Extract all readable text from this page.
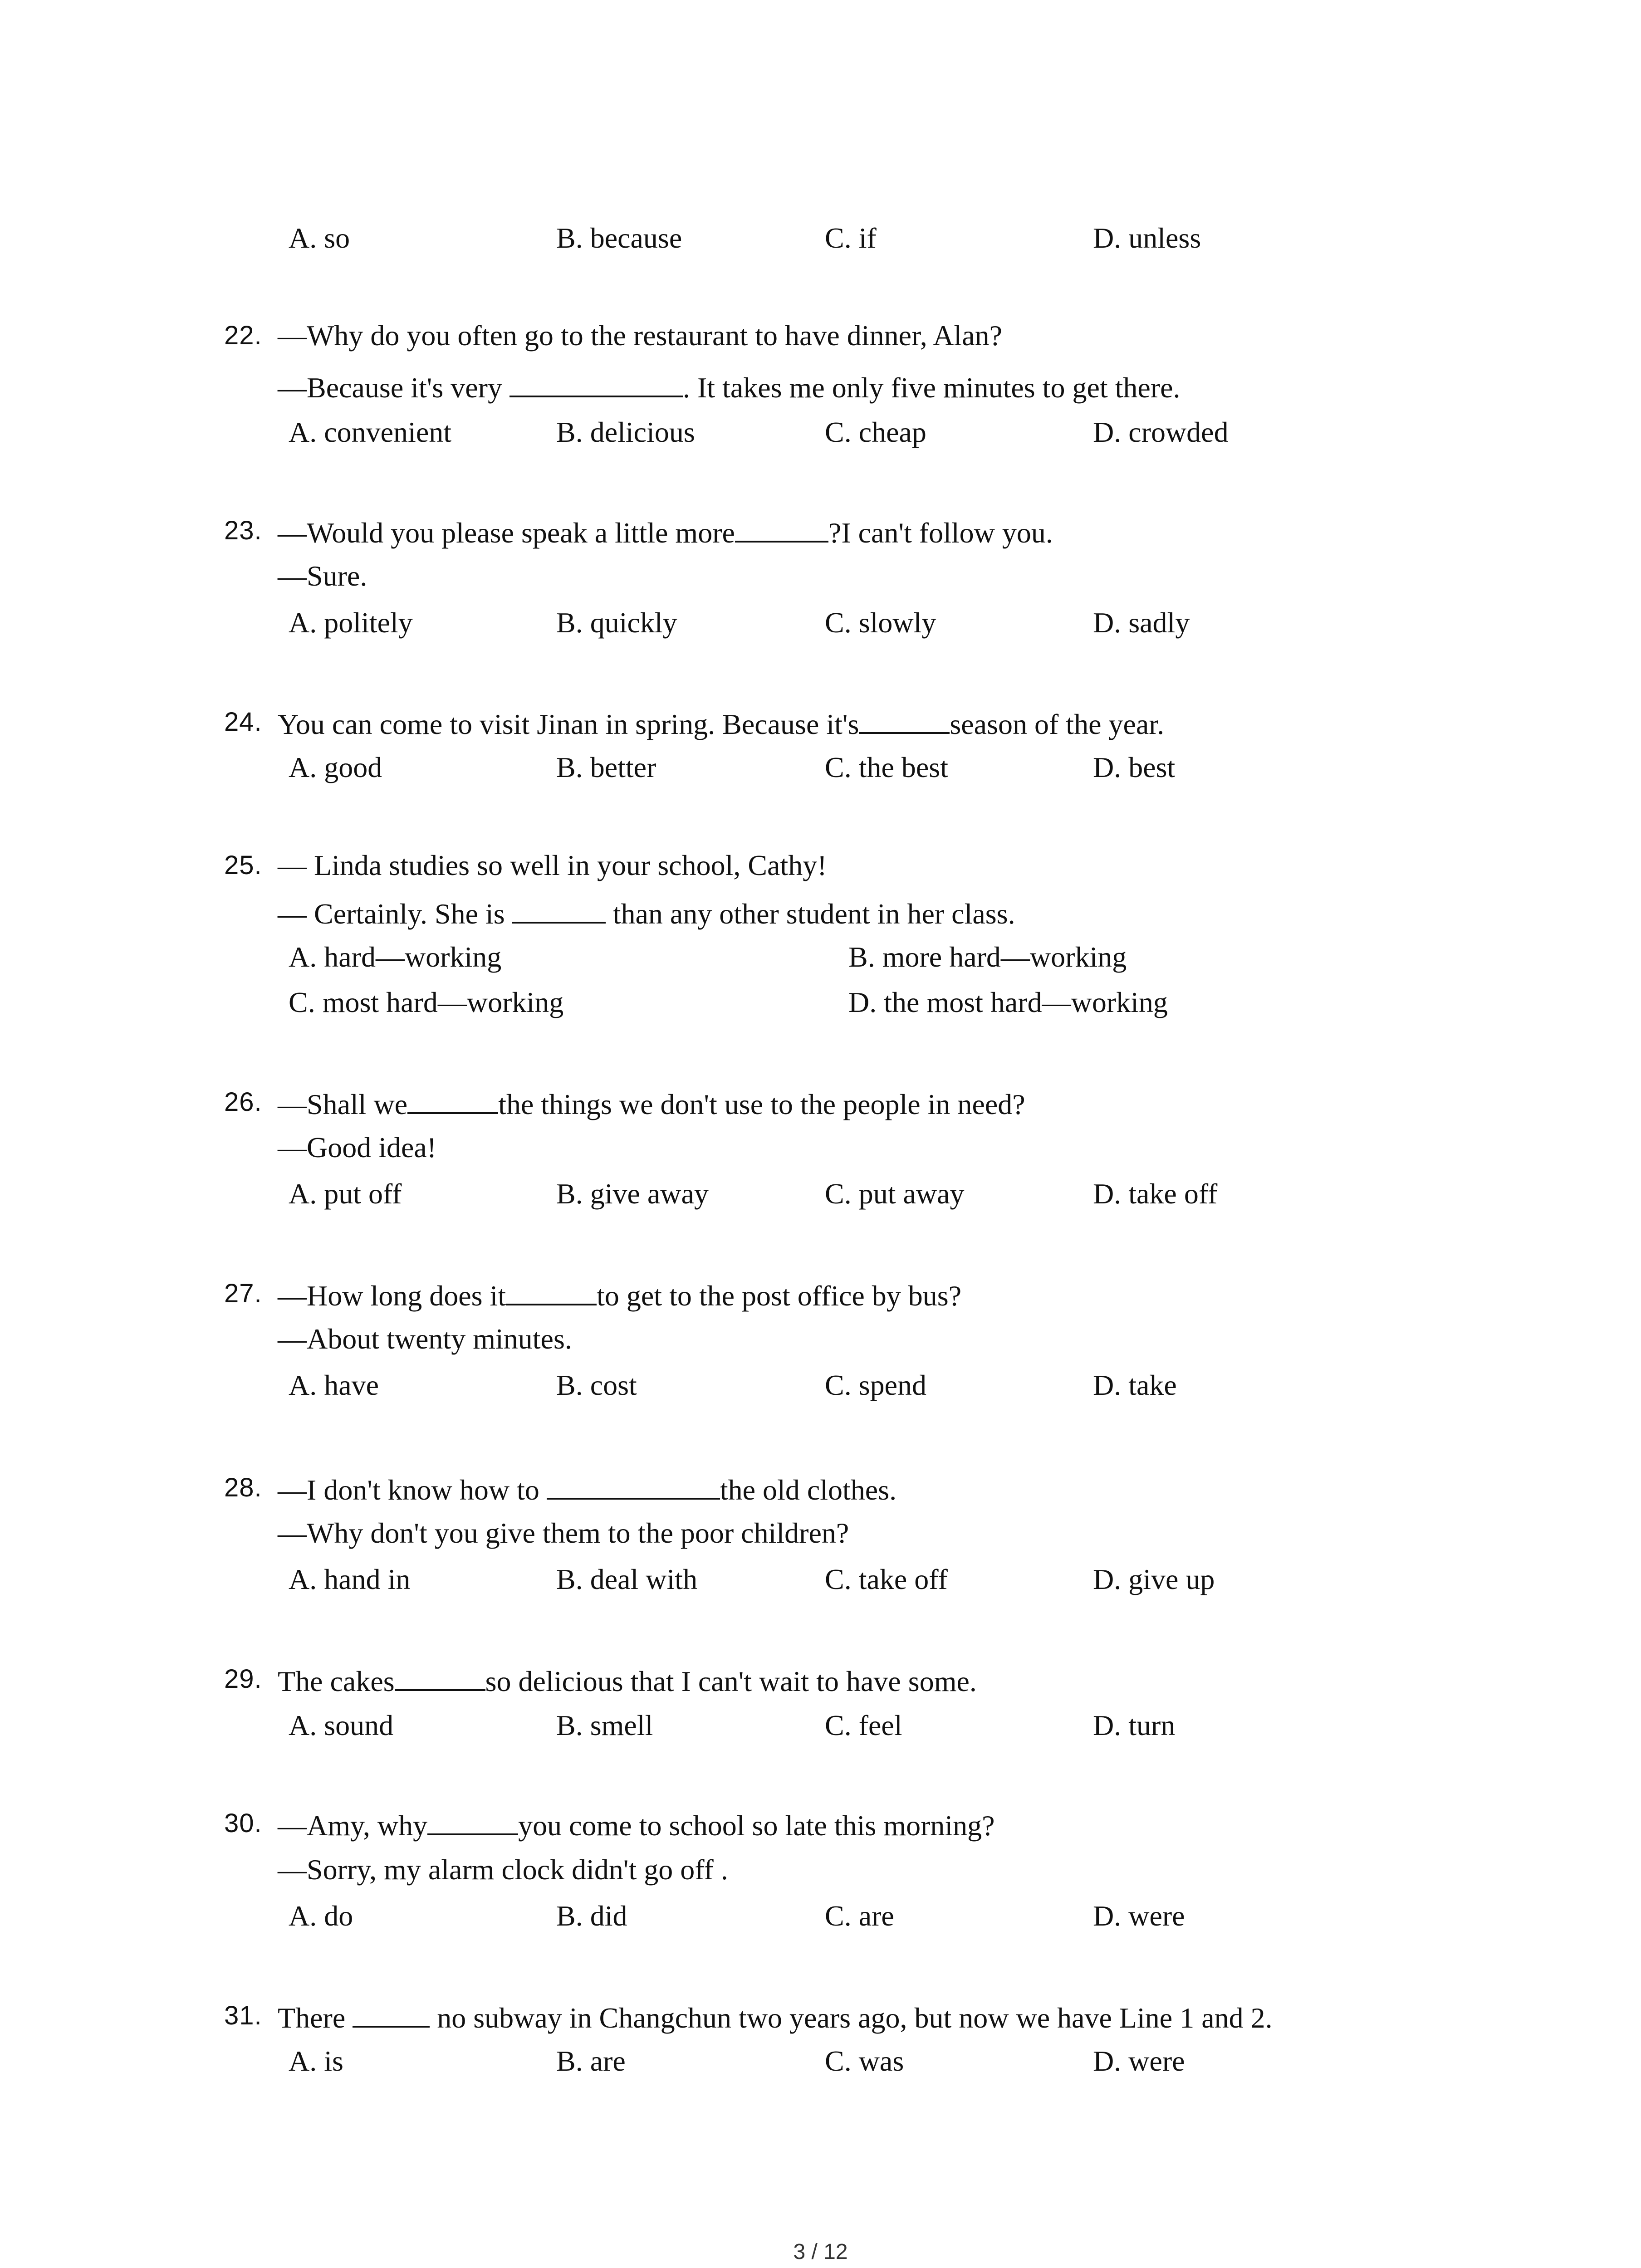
A. so	B. because	C. if	D. unless
22. —Why do you often go to the restaurant to have dinner, Alan?
—Because it's very	. It takes me only five minutes to get there.
A. convenient	B. delicious	C. cheap	D. crowded
23. —Would you please speak a little more	?I can't follow you.
—Sure.
A. politely	B. quickly	C. slowly	D. sadly
24. You can come to visit Jinan in spring. Because it's	season of the year.
A. good	B. better	C. the best	D. best
25. — Linda studies so well in your school, Cathy!
— Certainly. She is	than any other student in her class.
A. hard—working	B. more hard—working
C. most hard—working	D. the most hard—working
26. —Shall we	the things we don't use to the people in need?
—Good idea!
A. put off	B. give away	C. put away	D. take off
27. —How long does it	to get to the post office by bus?
—About twenty minutes.
A. have	B. cost	C. spend	D. take
28. —I don't know how to	the old clothes.
—Why don't you give them to the poor children?
A. hand in	B. deal with	C. take off	D. give up
29. The cakes	so delicious that I can't wait to have some.
A. sound	B. smell	C. feel	D. turn
30. —Amy, why	you come to school so late this morning?
—Sorry, my alarm clock didn't go off .
A. do	B. did	C. are	D. were
31. There	no subway in Changchun two years ago, but now we have Line 1 and 2.
A. is	B. are	C. was	D. were
3 / 12
